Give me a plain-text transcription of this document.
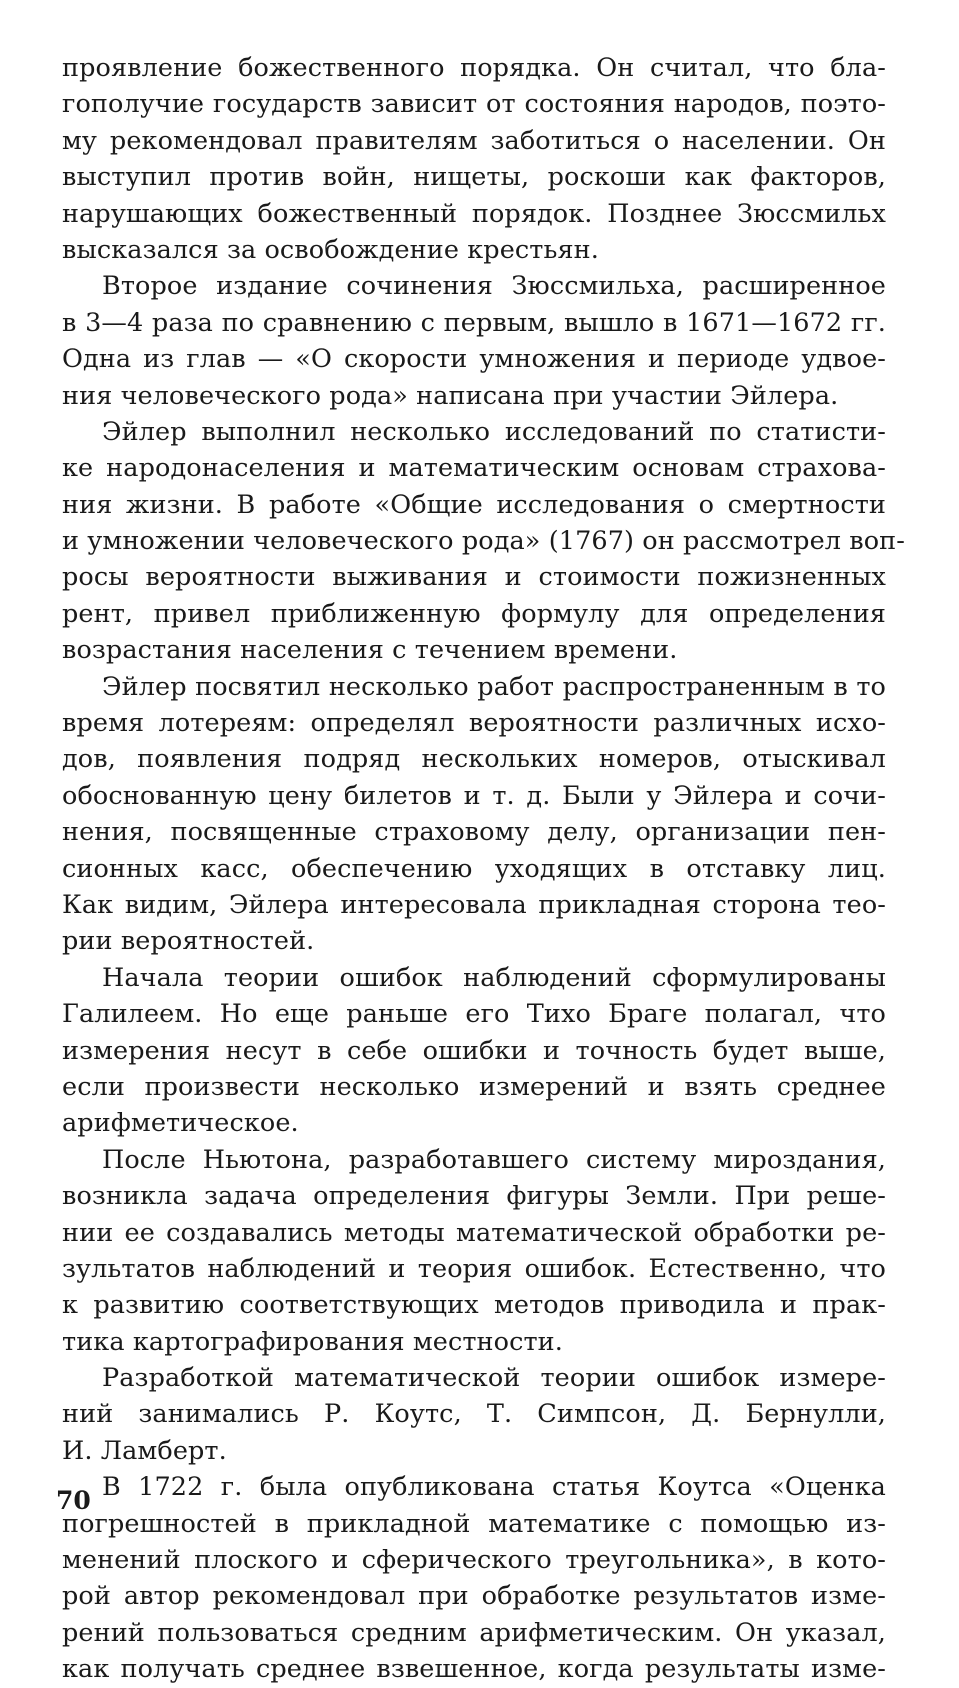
проявление божественного порядка. Он считал, что бла-
гополучие государств зависит от состояния народов, поэто-
му рекомендовал правителям заботиться о населении. Он
выступил против войн, нищеты, роскоши как факторов,
нарушающих божественный порядок. Позднее Зюссмильх
высказался за освобождение крестьян.

Второе издание сочинения Зюссмильха, расширенное
в 3—4 раза по сравнению с первым, вышло в 1671—1672 гг.
Одна из глав — «О скорости умножения и периоде удвое-
ния человеческого рода» написана при участии Эйлера.

Эйлер выполнил несколько исследований по статисти-
ке народонаселения и математическим основам страхова-
ния жизни. В работе «Общие исследования о смертности
и умножении человеческого рода» (1767) он рассмотрел воп-
росы вероятности выживания и стоимости пожизненных
рент, привел приближенную формулу для определения
возрастания населения с течением времени.

Эйлер посвятил несколько работ распространенным в то
время лотереям: определял вероятности различных исхо-
дов, появления подряд нескольких номеров, отыскивал
обоснованную цену билетов и т. д. Были у Эйлера и сочи-
нения, посвященные страховому делу, организации пен-
сионных касс, обеспечению уходящих в отставку лиц.
Как видим, Эйлера интересовала прикладная сторона тео-
рии вероятностей.

Начала теории ошибок наблюдений сформулированы
Галилеем. Но еще раньше его Тихо Браге полагал, что
измерения несут в себе ошибки и точность будет выше,
если произвести несколько измерений и взять среднее
арифметическое.

После Ньютона, разработавшего систему мироздания,
возникла задача определения фигуры Земли. При реше-
нии ее создавались методы математической обработки ре-
зультатов наблюдений и теория ошибок. Естественно, что
к развитию соответствующих методов приводила и прак-
тика картографирования местности.

Разработкой математической теории ошибок измере-
ний занимались Р. Коутс, Т. Симпсон, Д. Бернулли,
И. Ламберт.

В 1722 г. была опубликована статья Коутса «Оценка
погрешностей в прикладной математике с помощью из-
менений плоского и сферического треугольника», в кото-
рой автор рекомендовал при обработке результатов изме-
рений пользоваться средним арифметическим. Он указал,
как получать среднее взвешенное, когда результаты изме-

70
